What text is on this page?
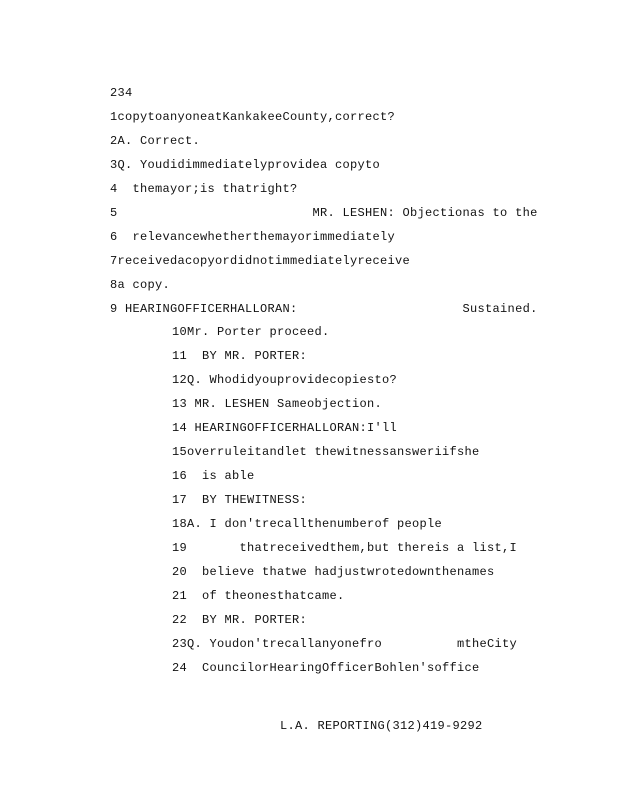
234
1copytoanyoneatKankakeeCounty,correct?
2A. Correct.
3Q. Youdidimmediatelyprovidea copyto
4  themayor;is thatright?
5                          MR. LESHEN: Objectionas to the
6  relevancewhetherthemayorimmediately
7receivedacopyordidnotimmediatelyreceive
8a copy.
9 HEARINGOFFICERHALLORAN:                      Sustained.
10Mr. Porter proceed.
11  BY MR. PORTER:
12Q. Whodidyouprovidecopiesto?
13 MR. LESHEN Sameobjection.
14 HEARINGOFFICERHALLORAN:I'll
15overruleitandlet thewitnessansweriifshe
16  is able
17  BY THEWITNESS:
18A. I don'trecallthenumberof people
19       thatreceivedthem,but thereis a list,I
20  believe thatwe hadjustwrotedownthenames
21  of theonesthatcame.
22  BY MR. PORTER:
23Q. Youdon'trecallanyonefro          mtheCity
24  CouncilorHearingOfficerBohlen'soffice
L.A. REPORTING(312)419-9292
